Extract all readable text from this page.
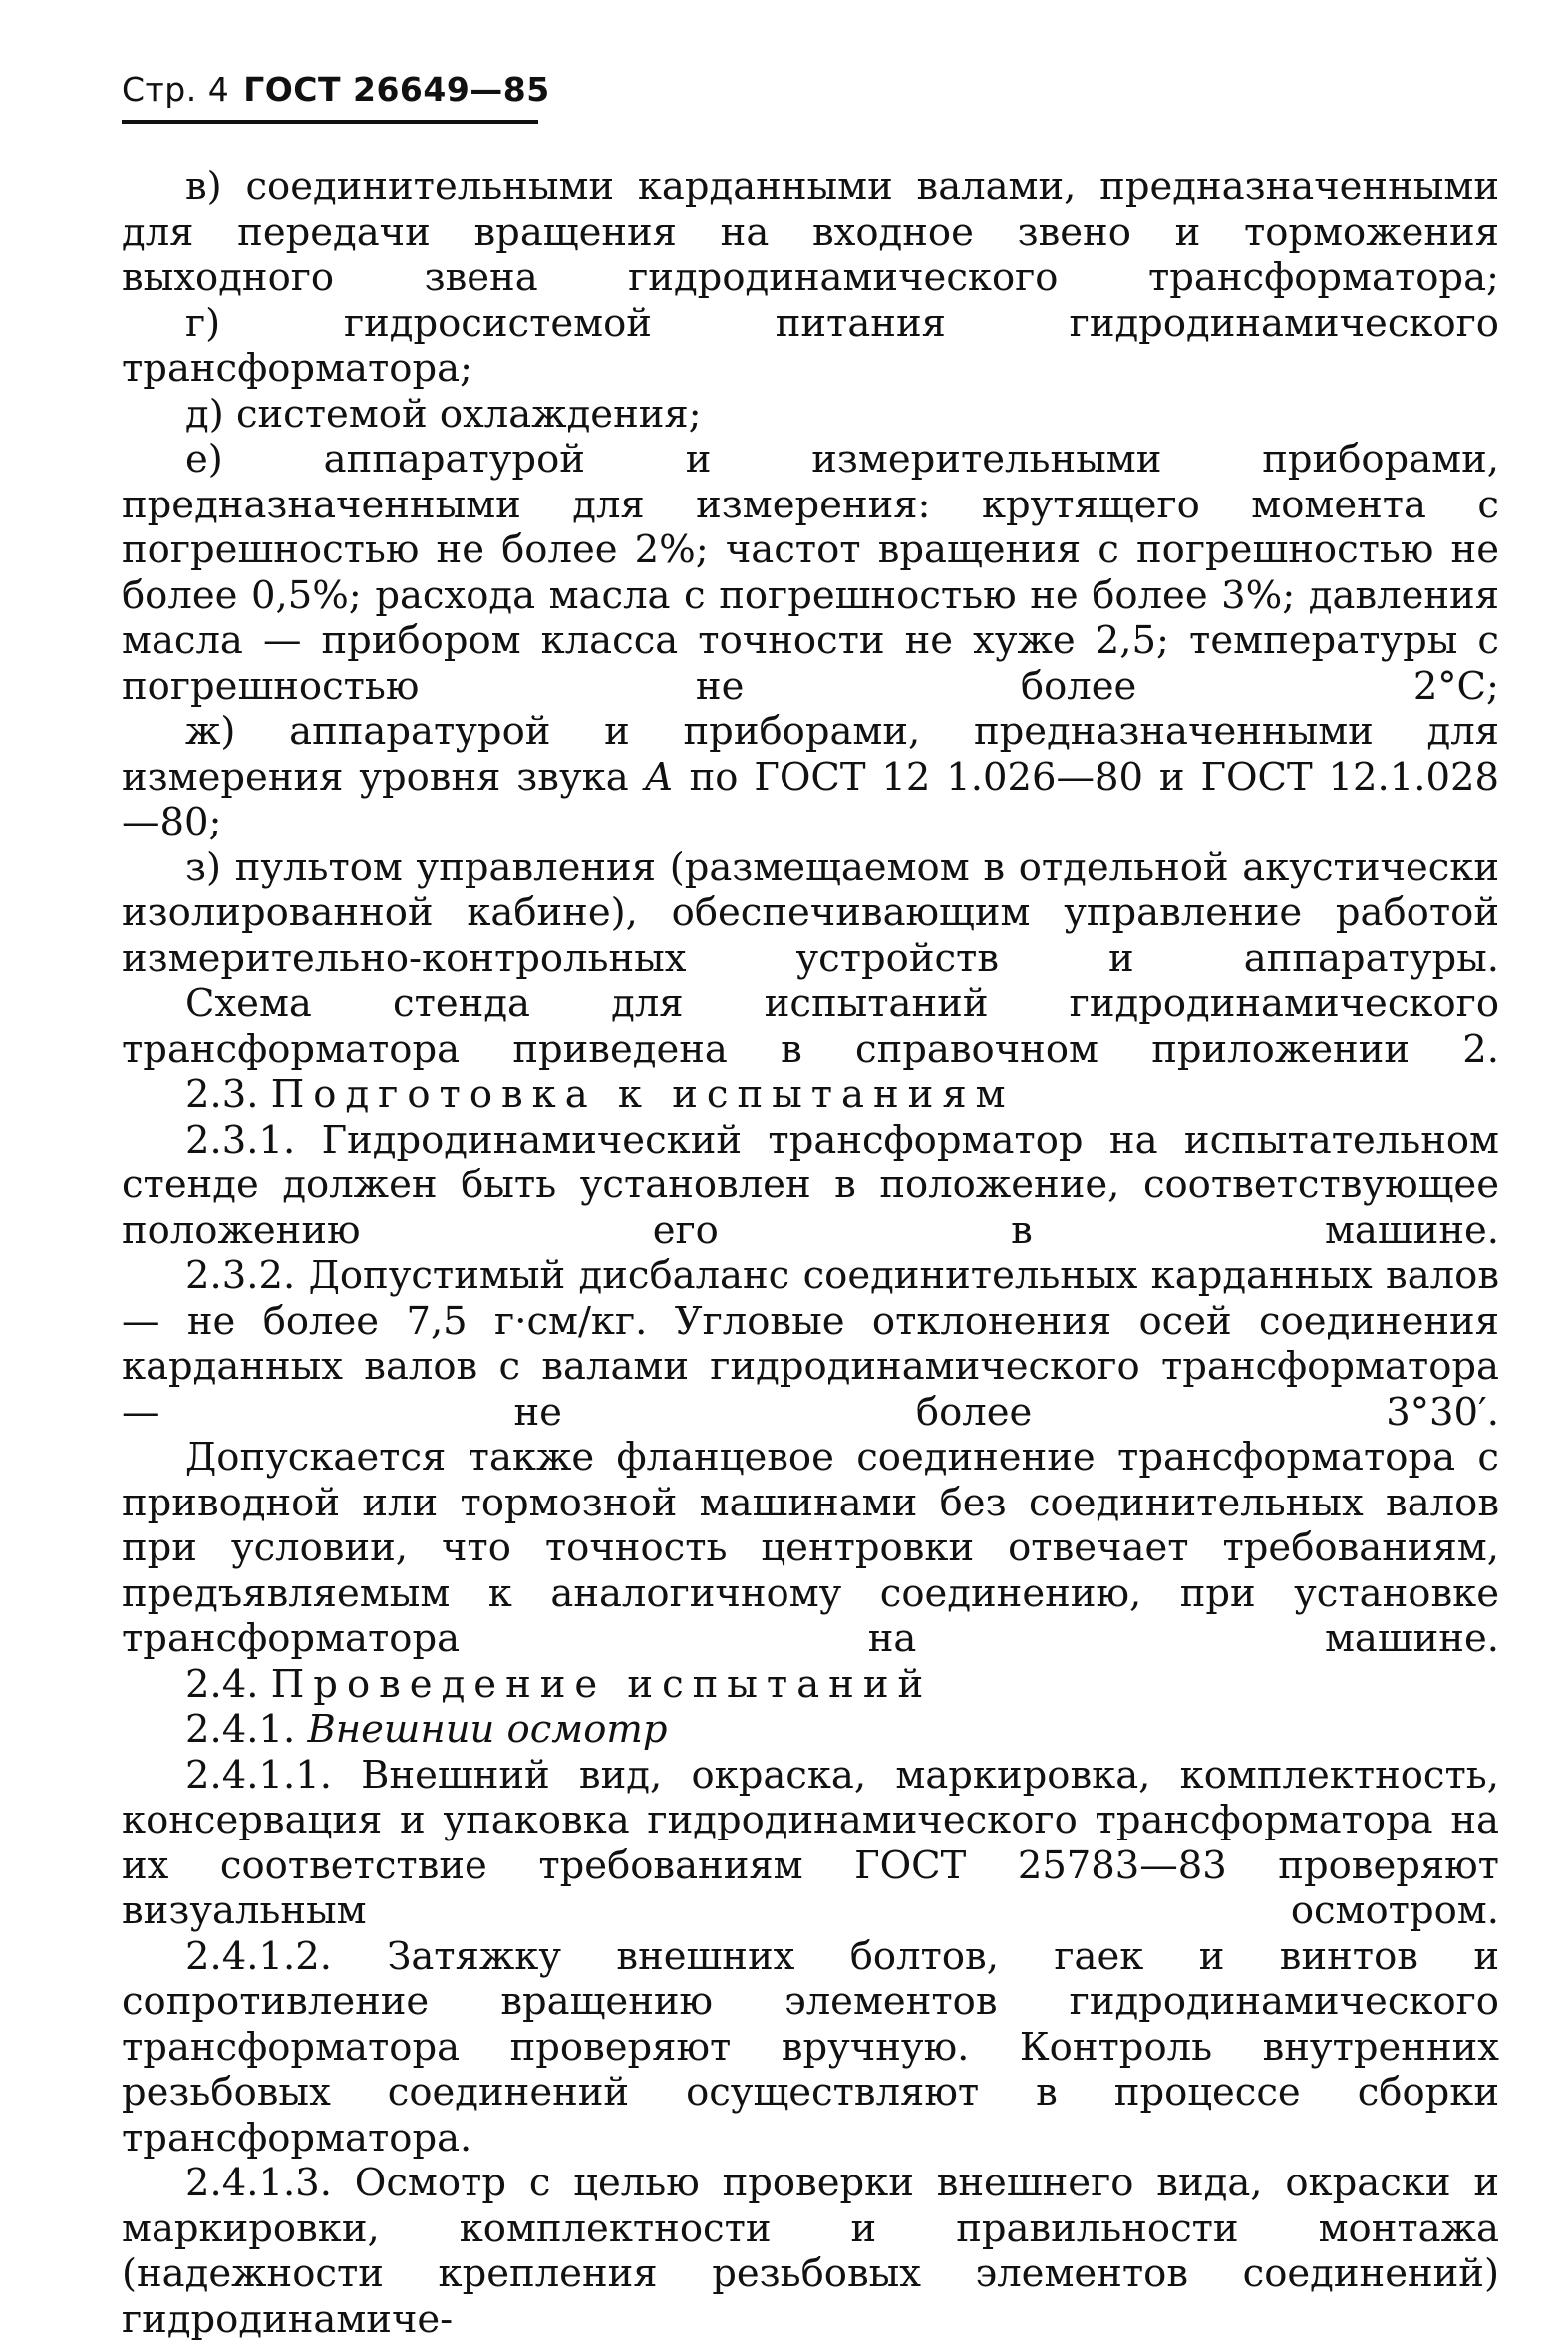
Стр. 4 ГОСТ 26649—85

в) соединительными карданными валами, предназначенными для передачи вращения на входное звено и торможения выходного звена гидродинамического трансформатора;

г) гидросистемой питания гидродинамического трансформатора;

д) системой охлаждения;

е) аппаратурой и измерительными приборами, предназначенными для измерения: крутящего момента с погрешностью не более 2%; частот вращения с погрешностью не более 0,5%; расхода масла с погрешностью не более 3%; давления масла — прибором класса точности не хуже 2,5; температуры с погрешностью не более 2°С;

ж) аппаратурой и приборами, предназначенными для измерения уровня звука А по ГОСТ 12 1.026—80 и ГОСТ 12.1.028—80;

з) пультом управления (размещаемом в отдельной акустически изолированной кабине), обеспечивающим управление работой измерительно-контрольных устройств и аппаратуры.

Схема стенда для испытаний гидродинамического трансформатора приведена в справочном приложении 2.

2.3. Подготовка к испытаниям

2.3.1. Гидродинамический трансформатор на испытательном стенде должен быть установлен в положение, соответствующее положению его в машине.

2.3.2. Допустимый дисбаланс соединительных карданных валов — не более 7,5 г·см/кг. Угловые отклонения осей соединения карданных валов с валами гидродинамического трансформатора — не более 3°30′.

Допускается также фланцевое соединение трансформатора с приводной или тормозной машинами без соединительных валов при условии, что точность центровки отвечает требованиям, предъявляемым к аналогичному соединению, при установке трансформатора на машине.

2.4. Проведение испытаний

2.4.1. Внешнии осмотр

2.4.1.1. Внешний вид, окраска, маркировка, комплектность, консервация и упаковка гидродинамического трансформатора на их соответствие требованиям ГОСТ 25783—83 проверяют визуальным осмотром.

2.4.1.2. Затяжку внешних болтов, гаек и винтов и сопротивление вращению элементов гидродинамического трансформатора проверяют вручную. Контроль внутренних резьбовых соединений осуществляют в процессе сборки трансформатора.

2.4.1.3. Осмотр с целью проверки внешнего вида, окраски и маркировки, комплектности и правильности монтажа (надежности крепления резьбовых элементов соединений) гидродинамиче-
